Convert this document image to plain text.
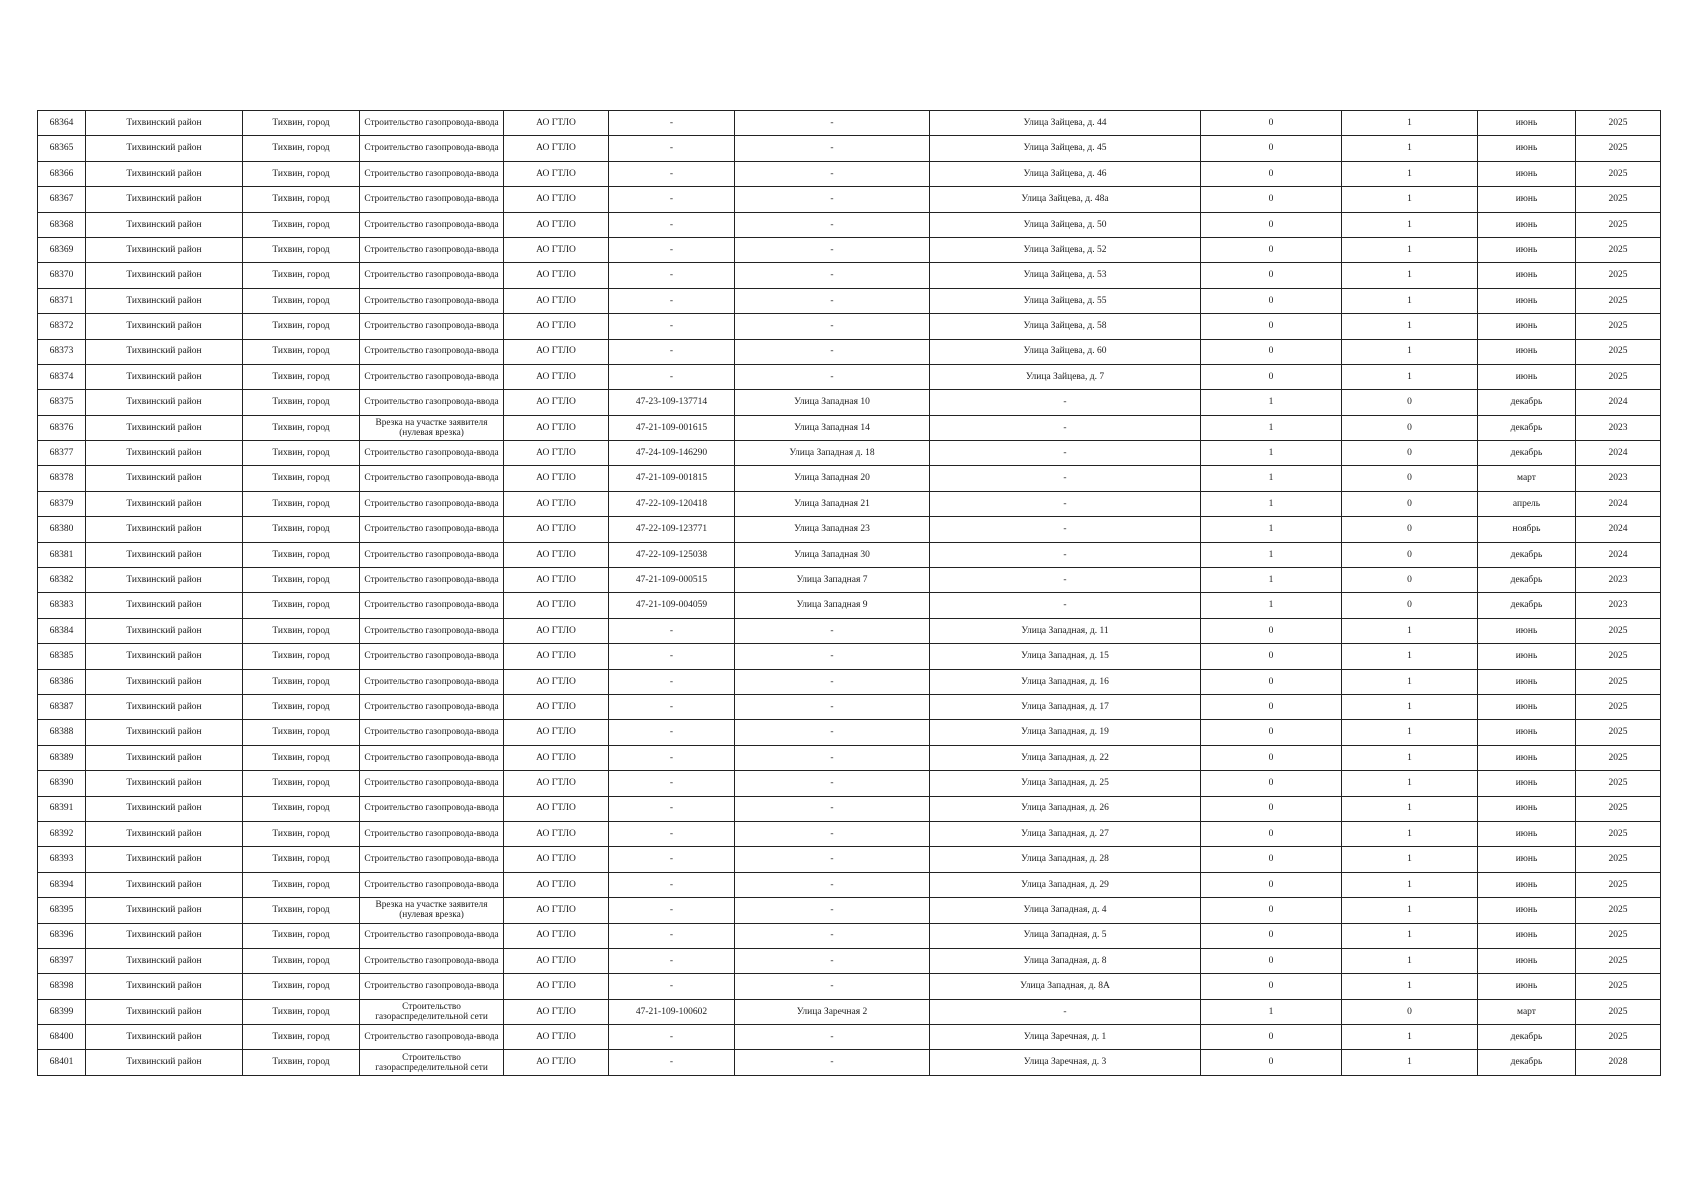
68364	Тихвинский район	Тихвин, город	Строительство газопровода-ввода	АО ГТЛО	-	-	Улица Зайцева, д. 44	0	1	июнь	2025
68365	Тихвинский район	Тихвин, город	Строительство газопровода-ввода	АО ГТЛО	-	-	Улица Зайцева, д. 45	0	1	июнь	2025
68366	Тихвинский район	Тихвин, город	Строительство газопровода-ввода	АО ГТЛО	-	-	Улица Зайцева, д. 46	0	1	июнь	2025
68367	Тихвинский район	Тихвин, город	Строительство газопровода-ввода	АО ГТЛО	-	-	Улица Зайцева, д. 48а	0	1	июнь	2025
68368	Тихвинский район	Тихвин, город	Строительство газопровода-ввода	АО ГТЛО	-	-	Улица Зайцева, д. 50	0	1	июнь	2025
68369	Тихвинский район	Тихвин, город	Строительство газопровода-ввода	АО ГТЛО	-	-	Улица Зайцева, д. 52	0	1	июнь	2025
68370	Тихвинский район	Тихвин, город	Строительство газопровода-ввода	АО ГТЛО	-	-	Улица Зайцева, д. 53	0	1	июнь	2025
68371	Тихвинский район	Тихвин, город	Строительство газопровода-ввода	АО ГТЛО	-	-	Улица Зайцева, д. 55	0	1	июнь	2025
68372	Тихвинский район	Тихвин, город	Строительство газопровода-ввода	АО ГТЛО	-	-	Улица Зайцева, д. 58	0	1	июнь	2025
68373	Тихвинский район	Тихвин, город	Строительство газопровода-ввода	АО ГТЛО	-	-	Улица Зайцева, д. 60	0	1	июнь	2025
68374	Тихвинский район	Тихвин, город	Строительство газопровода-ввода	АО ГТЛО	-	-	Улица Зайцева, д. 7	0	1	июнь	2025
68375	Тихвинский район	Тихвин, город	Строительство газопровода-ввода	АО ГТЛО	47-23-109-137714	Улица Западная 10	-	1	0	декабрь	2024
68376	Тихвинский район	Тихвин, город	Врезка на участке заявителя (нулевая врезка)	АО ГТЛО	47-21-109-001615	Улица Западная 14	-	1	0	декабрь	2023
68377	Тихвинский район	Тихвин, город	Строительство газопровода-ввода	АО ГТЛО	47-24-109-146290	Улица Западная д. 18	-	1	0	декабрь	2024
68378	Тихвинский район	Тихвин, город	Строительство газопровода-ввода	АО ГТЛО	47-21-109-001815	Улица Западная 20	-	1	0	март	2023
68379	Тихвинский район	Тихвин, город	Строительство газопровода-ввода	АО ГТЛО	47-22-109-120418	Улица Западная 21	-	1	0	апрель	2024
68380	Тихвинский район	Тихвин, город	Строительство газопровода-ввода	АО ГТЛО	47-22-109-123771	Улица Западная 23	-	1	0	ноябрь	2024
68381	Тихвинский район	Тихвин, город	Строительство газопровода-ввода	АО ГТЛО	47-22-109-125038	Улица Западная 30	-	1	0	декабрь	2024
68382	Тихвинский район	Тихвин, город	Строительство газопровода-ввода	АО ГТЛО	47-21-109-000515	Улица Западная 7	-	1	0	декабрь	2023
68383	Тихвинский район	Тихвин, город	Строительство газопровода-ввода	АО ГТЛО	47-21-109-004059	Улица Западная 9	-	1	0	декабрь	2023
68384	Тихвинский район	Тихвин, город	Строительство газопровода-ввода	АО ГТЛО	-	-	Улица Западная, д. 11	0	1	июнь	2025
68385	Тихвинский район	Тихвин, город	Строительство газопровода-ввода	АО ГТЛО	-	-	Улица Западная, д. 15	0	1	июнь	2025
68386	Тихвинский район	Тихвин, город	Строительство газопровода-ввода	АО ГТЛО	-	-	Улица Западная, д. 16	0	1	июнь	2025
68387	Тихвинский район	Тихвин, город	Строительство газопровода-ввода	АО ГТЛО	-	-	Улица Западная, д. 17	0	1	июнь	2025
68388	Тихвинский район	Тихвин, город	Строительство газопровода-ввода	АО ГТЛО	-	-	Улица Западная, д. 19	0	1	июнь	2025
68389	Тихвинский район	Тихвин, город	Строительство газопровода-ввода	АО ГТЛО	-	-	Улица Западная, д. 22	0	1	июнь	2025
68390	Тихвинский район	Тихвин, город	Строительство газопровода-ввода	АО ГТЛО	-	-	Улица Западная, д. 25	0	1	июнь	2025
68391	Тихвинский район	Тихвин, город	Строительство газопровода-ввода	АО ГТЛО	-	-	Улица Западная, д. 26	0	1	июнь	2025
68392	Тихвинский район	Тихвин, город	Строительство газопровода-ввода	АО ГТЛО	-	-	Улица Западная, д. 27	0	1	июнь	2025
68393	Тихвинский район	Тихвин, город	Строительство газопровода-ввода	АО ГТЛО	-	-	Улица Западная, д. 28	0	1	июнь	2025
68394	Тихвинский район	Тихвин, город	Строительство газопровода-ввода	АО ГТЛО	-	-	Улица Западная, д. 29	0	1	июнь	2025
68395	Тихвинский район	Тихвин, город	Врезка на участке заявителя (нулевая врезка)	АО ГТЛО	-	-	Улица Западная, д. 4	0	1	июнь	2025
68396	Тихвинский район	Тихвин, город	Строительство газопровода-ввода	АО ГТЛО	-	-	Улица Западная, д. 5	0	1	июнь	2025
68397	Тихвинский район	Тихвин, город	Строительство газопровода-ввода	АО ГТЛО	-	-	Улица Западная, д. 8	0	1	июнь	2025
68398	Тихвинский район	Тихвин, город	Строительство газопровода-ввода	АО ГТЛО	-	-	Улица Западная, д. 8А	0	1	июнь	2025
68399	Тихвинский район	Тихвин, город	Строительство газораспределительной сети	АО ГТЛО	47-21-109-100602	Улица Заречная 2	-	1	0	март	2025
68400	Тихвинский район	Тихвин, город	Строительство газопровода-ввода	АО ГТЛО	-	-	Улица Заречная, д. 1	0	1	декабрь	2025
68401	Тихвинский район	Тихвин, город	Строительство газораспределительной сети	АО ГТЛО	-	-	Улица Заречная, д. 3	0	1	декабрь	2028
